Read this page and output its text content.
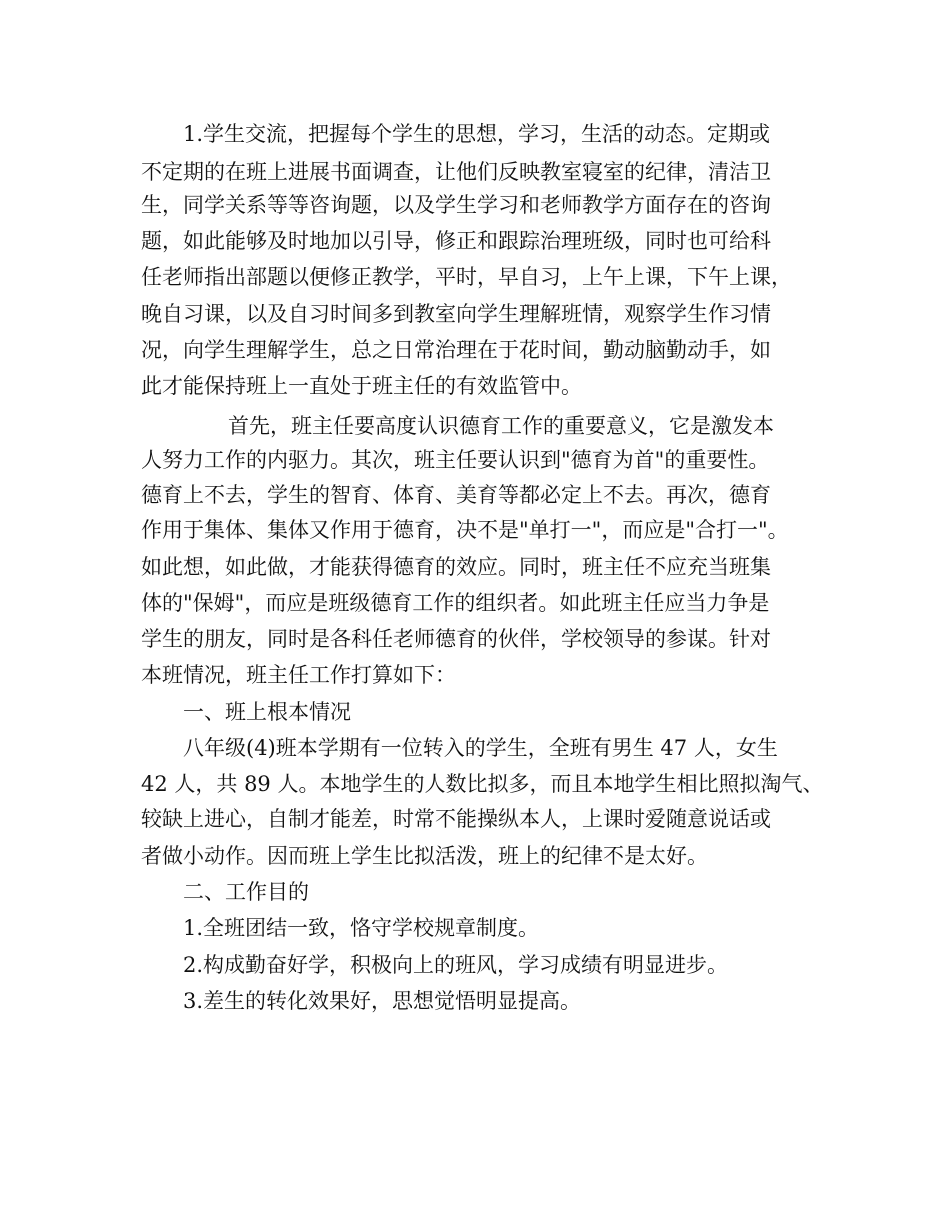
1.学生交流，把握每个学生的思想，学习，生活的动态。定期或
不定期的在班上进展书面调查，让他们反映教室寝室的纪律，清洁卫
生，同学关系等等咨询题，以及学生学习和老师教学方面存在的咨询
题，如此能够及时地加以引导，修正和跟踪治理班级，同时也可给科
任老师指出部题以便修正教学，平时，早自习，上午上课，下午上课，
晚自习课，以及自习时间多到教室向学生理解班情，观察学生作习情
况，向学生理解学生，总之日常治理在于花时间，勤动脑勤动手，如
此才能保持班上一直处于班主任的有效监管中。
首先，班主任要高度认识德育工作的重要意义，它是激发本
人努力工作的内驱力。其次，班主任要认识到"德育为首"的重要性。
德育上不去，学生的智育、体育、美育等都必定上不去。再次，德育
作用于集体、集体又作用于德育，决不是"单打一"，而应是"合打一"。
如此想，如此做，才能获得德育的效应。同时，班主任不应充当班集
体的"保姆"，而应是班级德育工作的组织者。如此班主任应当力争是
学生的朋友，同时是各科任老师德育的伙伴，学校领导的参谋。针对
本班情况，班主任工作打算如下：
一、班上根本情况
八年级(4)班本学期有一位转入的学生，全班有男生 47 人，女生
42 人，共 89 人。本地学生的人数比拟多，而且本地学生相比照拟淘气、
较缺上进心，自制才能差，时常不能操纵本人，上课时爱随意说话或
者做小动作。因而班上学生比拟活泼，班上的纪律不是太好。
二、工作目的
1.全班团结一致，恪守学校规章制度。
2.构成勤奋好学，积极向上的班风，学习成绩有明显进步。
3.差生的转化效果好，思想觉悟明显提高。
